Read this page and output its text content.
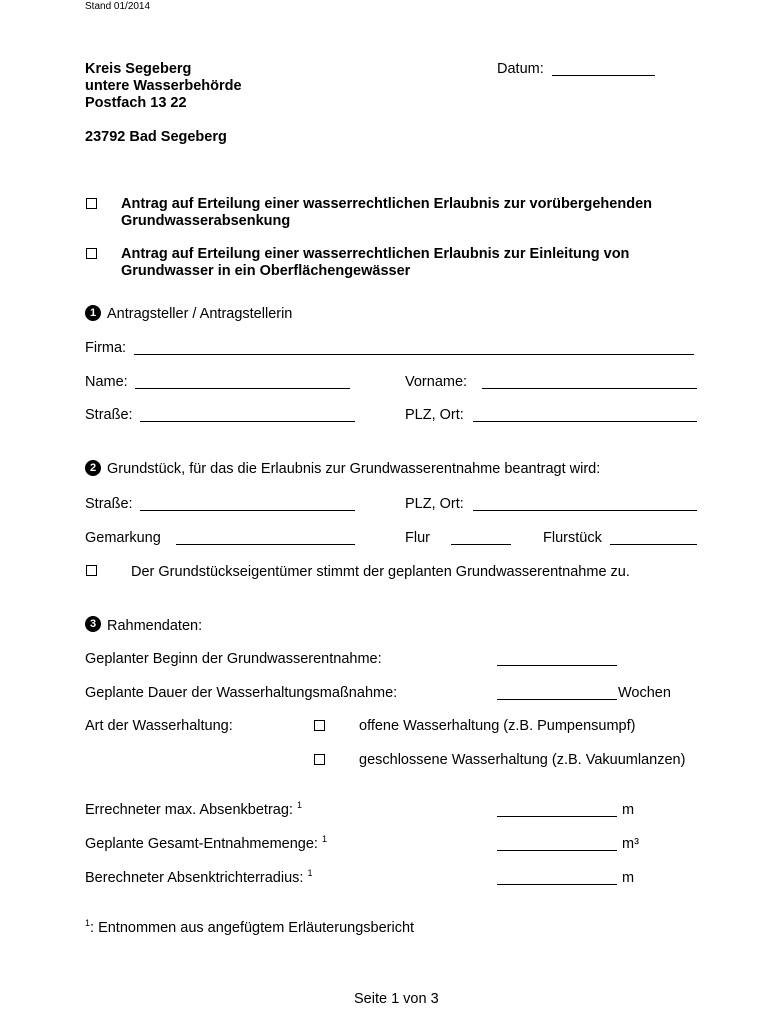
Stand 01/2014
Kreis Segeberg
untere Wasserbehörde
Postfach 13 22
23792 Bad Segeberg
Datum:
Antrag auf Erteilung einer wasserrechtlichen Erlaubnis zur vorübergehenden
Grundwasserabsenkung
Antrag auf Erteilung einer wasserrechtlichen Erlaubnis zur Einleitung von
Grundwasser in ein Oberflächengewässer
1 Antragsteller / Antragstellerin
Firma:
Name:	Vorname:
Straße:	PLZ, Ort:
2 Grundstück, für das die Erlaubnis zur Grundwasserentnahme beantragt wird:
Straße:	PLZ, Ort:
Gemarkung	Flur	Flurstück
Der Grundstückseigentümer stimmt der geplanten Grundwasserentnahme zu.
3 Rahmendaten:
Geplanter Beginn der Grundwasserentnahme:
Geplante Dauer der Wasserhaltungsmaßnahme:	Wochen
Art der Wasserhaltung:	offene Wasserhaltung (z.B. Pumpensumpf)
geschlossene Wasserhaltung (z.B. Vakuumlanzen)
Errechneter max. Absenkbetrag: $^1$	m
Geplante Gesamt-Entnahmemenge: $^1$	m³
Berechneter Absenktrichterradius: $^1$	m
$^1$: Entnommen aus angefügtem Erläuterungsbericht
Seite 1 von 3
